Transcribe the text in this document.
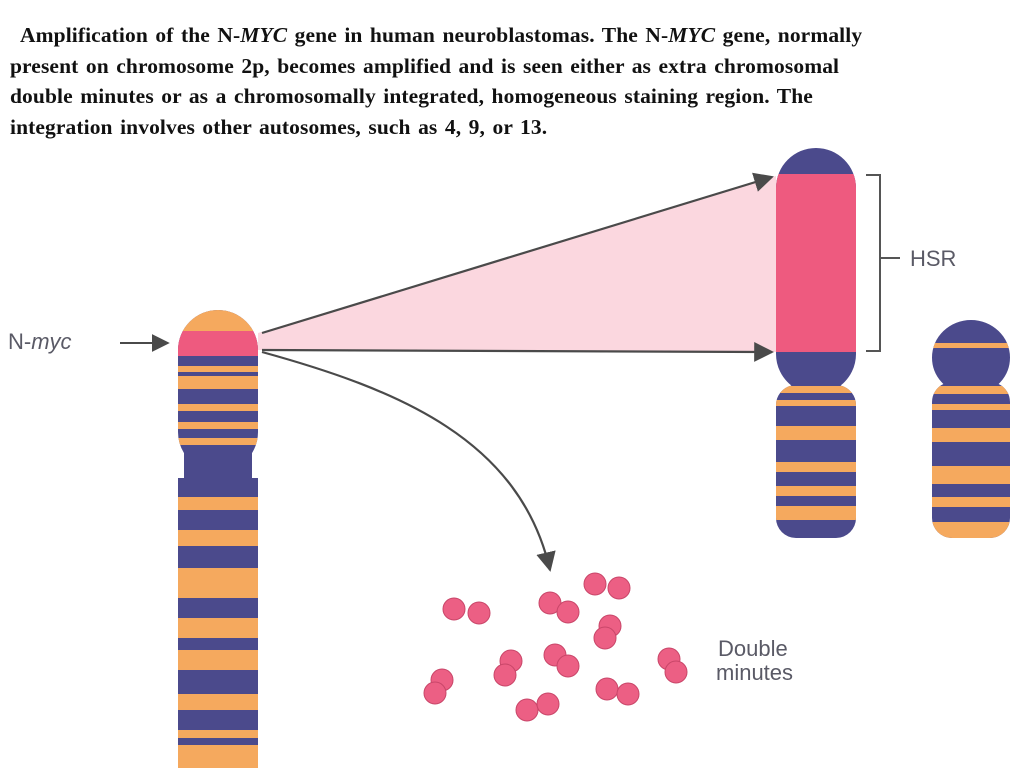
Amplification of the N-MYC gene in human neuroblastomas. The N-MYC gene, normally
present on chromosome 2p, becomes amplified and is seen either as extra chromosomal
double minutes or as a chromosomally integrated, homogeneous staining region. The
integration involves other autosomes, such as 4, 9, or 13.
N-myc
HSR
Double
minutes
